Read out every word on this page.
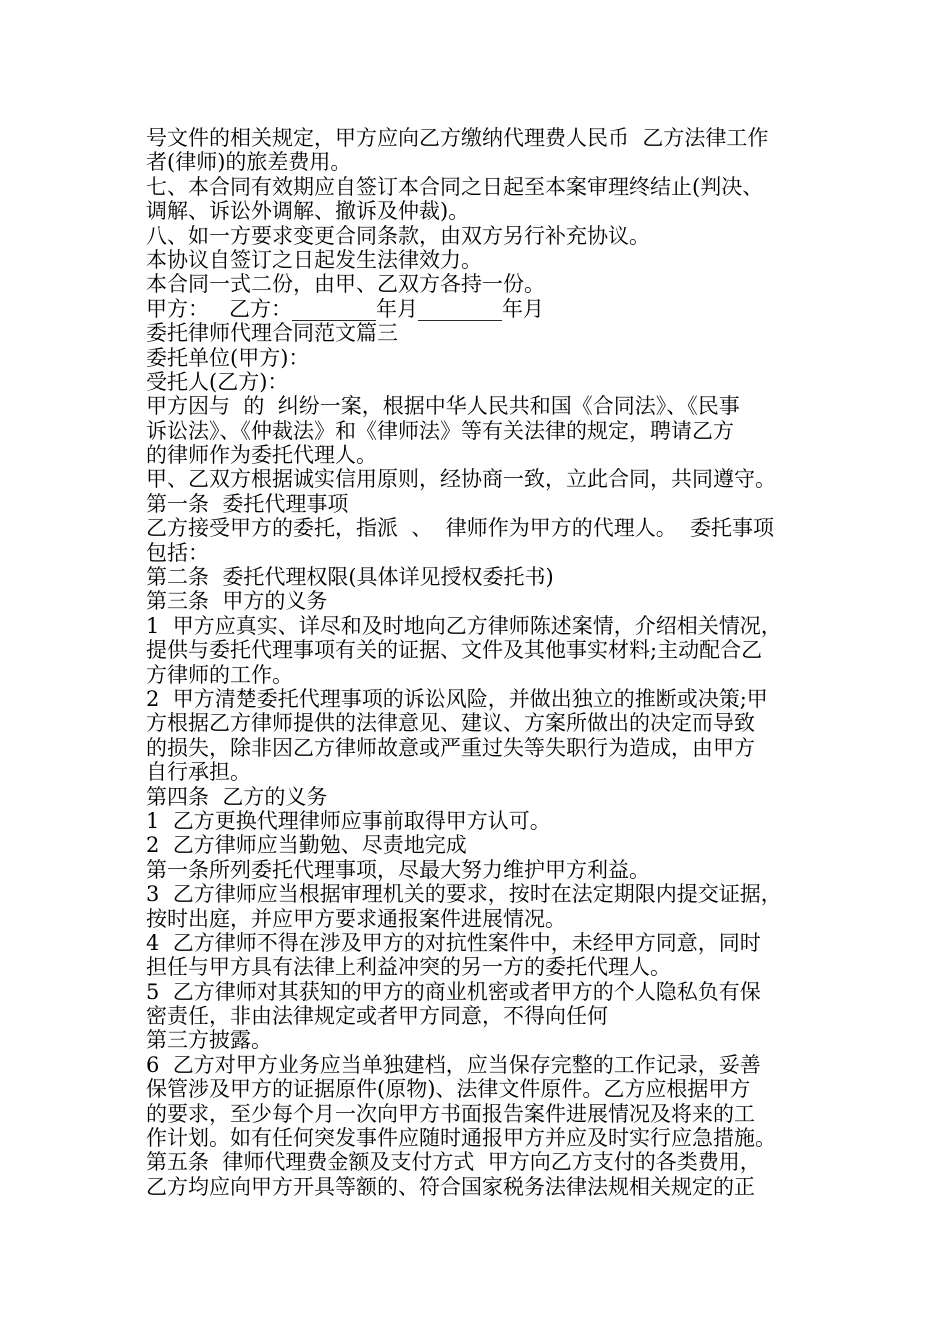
号文件的相关规定，甲方应向乙方缴纳代理费人民币  乙方法律工作
者(律师)的旅差费用。
七、本合同有效期应自签订本合同之日起至本案审理终结止(判决、
调解、诉讼外调解、撤诉及仲裁)。
八、如一方要求变更合同条款，由双方另行补充协议。
本协议自签订之日起发生法律效力。
本合同一式二份，由甲、乙双方各持一份。
甲方：   乙方：________年月________年月
委托律师代理合同范文篇三
委托单位(甲方)：
受托人(乙方)：
甲方因与  的  纠纷一案，根据中华人民共和国《合同法》、《民事
诉讼法》、《仲裁法》和《律师法》等有关法律的规定，聘请乙方
的律师作为委托代理人。
甲、乙双方根据诚实信用原则，经协商一致，立此合同，共同遵守。
第一条  委托代理事项
乙方接受甲方的委托，指派  、  律师作为甲方的代理人。  委托事项
包括：
第二条  委托代理权限(具体详见授权委托书)
第三条  甲方的义务
1  甲方应真实、详尽和及时地向乙方律师陈述案情，介绍相关情况，
提供与委托代理事项有关的证据、文件及其他事实材料;主动配合乙
方律师的工作。
2  甲方清楚委托代理事项的诉讼风险，并做出独立的推断或决策;甲
方根据乙方律师提供的法律意见、建议、方案所做出的决定而导致
的损失，除非因乙方律师故意或严重过失等失职行为造成，由甲方
自行承担。
第四条  乙方的义务
1  乙方更换代理律师应事前取得甲方认可。
2  乙方律师应当勤勉、尽责地完成
第一条所列委托代理事项，尽最大努力维护甲方利益。
3  乙方律师应当根据审理机关的要求，按时在法定期限内提交证据，
按时出庭，并应甲方要求通报案件进展情况。
4  乙方律师不得在涉及甲方的对抗性案件中，未经甲方同意，同时
担任与甲方具有法律上利益冲突的另一方的委托代理人。
5  乙方律师对其获知的甲方的商业机密或者甲方的个人隐私负有保
密责任，非由法律规定或者甲方同意，不得向任何
第三方披露。
6  乙方对甲方业务应当单独建档，应当保存完整的工作记录，妥善
保管涉及甲方的证据原件(原物)、法律文件原件。乙方应根据甲方
的要求，至少每个月一次向甲方书面报告案件进展情况及将来的工
作计划。如有任何突发事件应随时通报甲方并应及时实行应急措施。
第五条  律师代理费金额及支付方式  甲方向乙方支付的各类费用，
乙方均应向甲方开具等额的、符合国家税务法律法规相关规定的正
